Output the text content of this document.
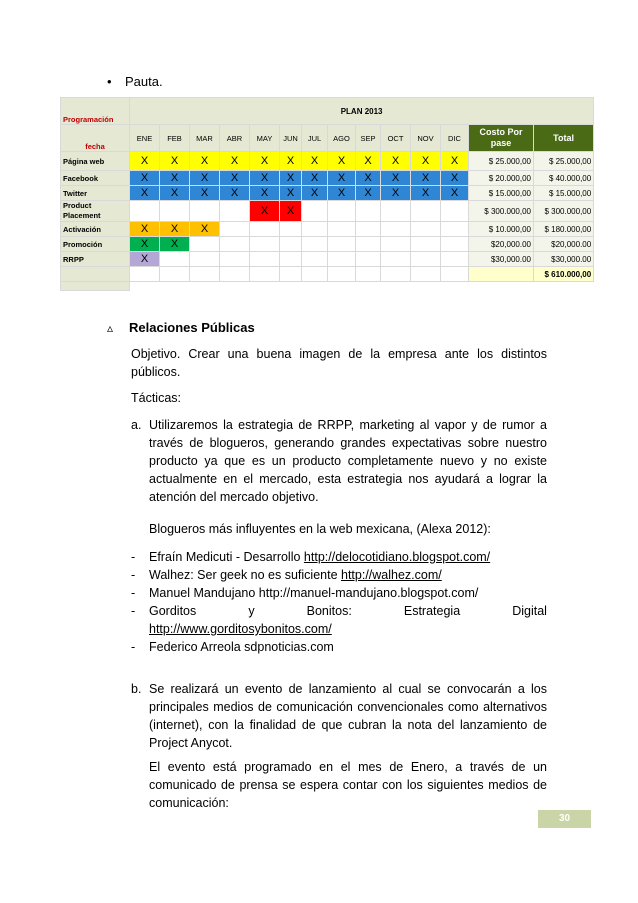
• Pauta.
Programación	PLAN 2013													
fecha	ENE	FEB	MAR	ABR	MAY	JUN	JUL	AGO	SEP	OCT	NOV	DIC	Costo Por pase	Total
Página web	X	X	X	X	X	X	X	X	X	X	X	X	$ 25.000,00	$ 25.000,00
Facebook	X	X	X	X	X	X	X	X	X	X	X	X	$ 20.000,00	$ 40.000,00
Twitter	X	X	X	X	X	X	X	X	X	X	X	X	$ 15.000,00	$ 15.000,00
Product Placement					X	X							$ 300.000,00	$ 300.000,00
Activación	X	X	X										$ 10.000,00	$ 180.000,00
Promoción	X	X											$20,000.00	$20,000.00
RRPP	X												$30,000.00	$30,000.00
														$ 610.000,00

▵ Relaciones Públicas
Objetivo. Crear una buena imagen de la empresa ante los distintos públicos.
Tácticas:
a. Utilizaremos la estrategia de RRPP, marketing al vapor y de rumor a través de blogueros, generando grandes expectativas sobre nuestro producto ya que es un producto completamente nuevo y no existe actualmente en el mercado, esta estrategia nos ayudará a lograr la atención del mercado objetivo.
Blogueros más influyentes en la web mexicana, (Alexa 2012):
- Efraín Medicuti - Desarrollo http://delocotidiano.blogspot.com/
- Walhez: Ser geek no es suficiente http://walhez.com/
- Manuel Mandujano http://manuel-mandujano.blogspot.com/
- Gorditos	y	Bonitos:	Estrategia	Digital
http://www.gorditosybonitos.com/
- Federico Arreola sdpnoticias.com
b. Se realizará un evento de lanzamiento al cual se convocarán a los principales medios de comunicación convencionales como alternativos (internet), con la finalidad de que cubran la nota del lanzamiento de Project Anycot.
El evento está programado en el mes de Enero, a través de un comunicado de prensa se espera contar con los siguientes medios de comunicación:
30
